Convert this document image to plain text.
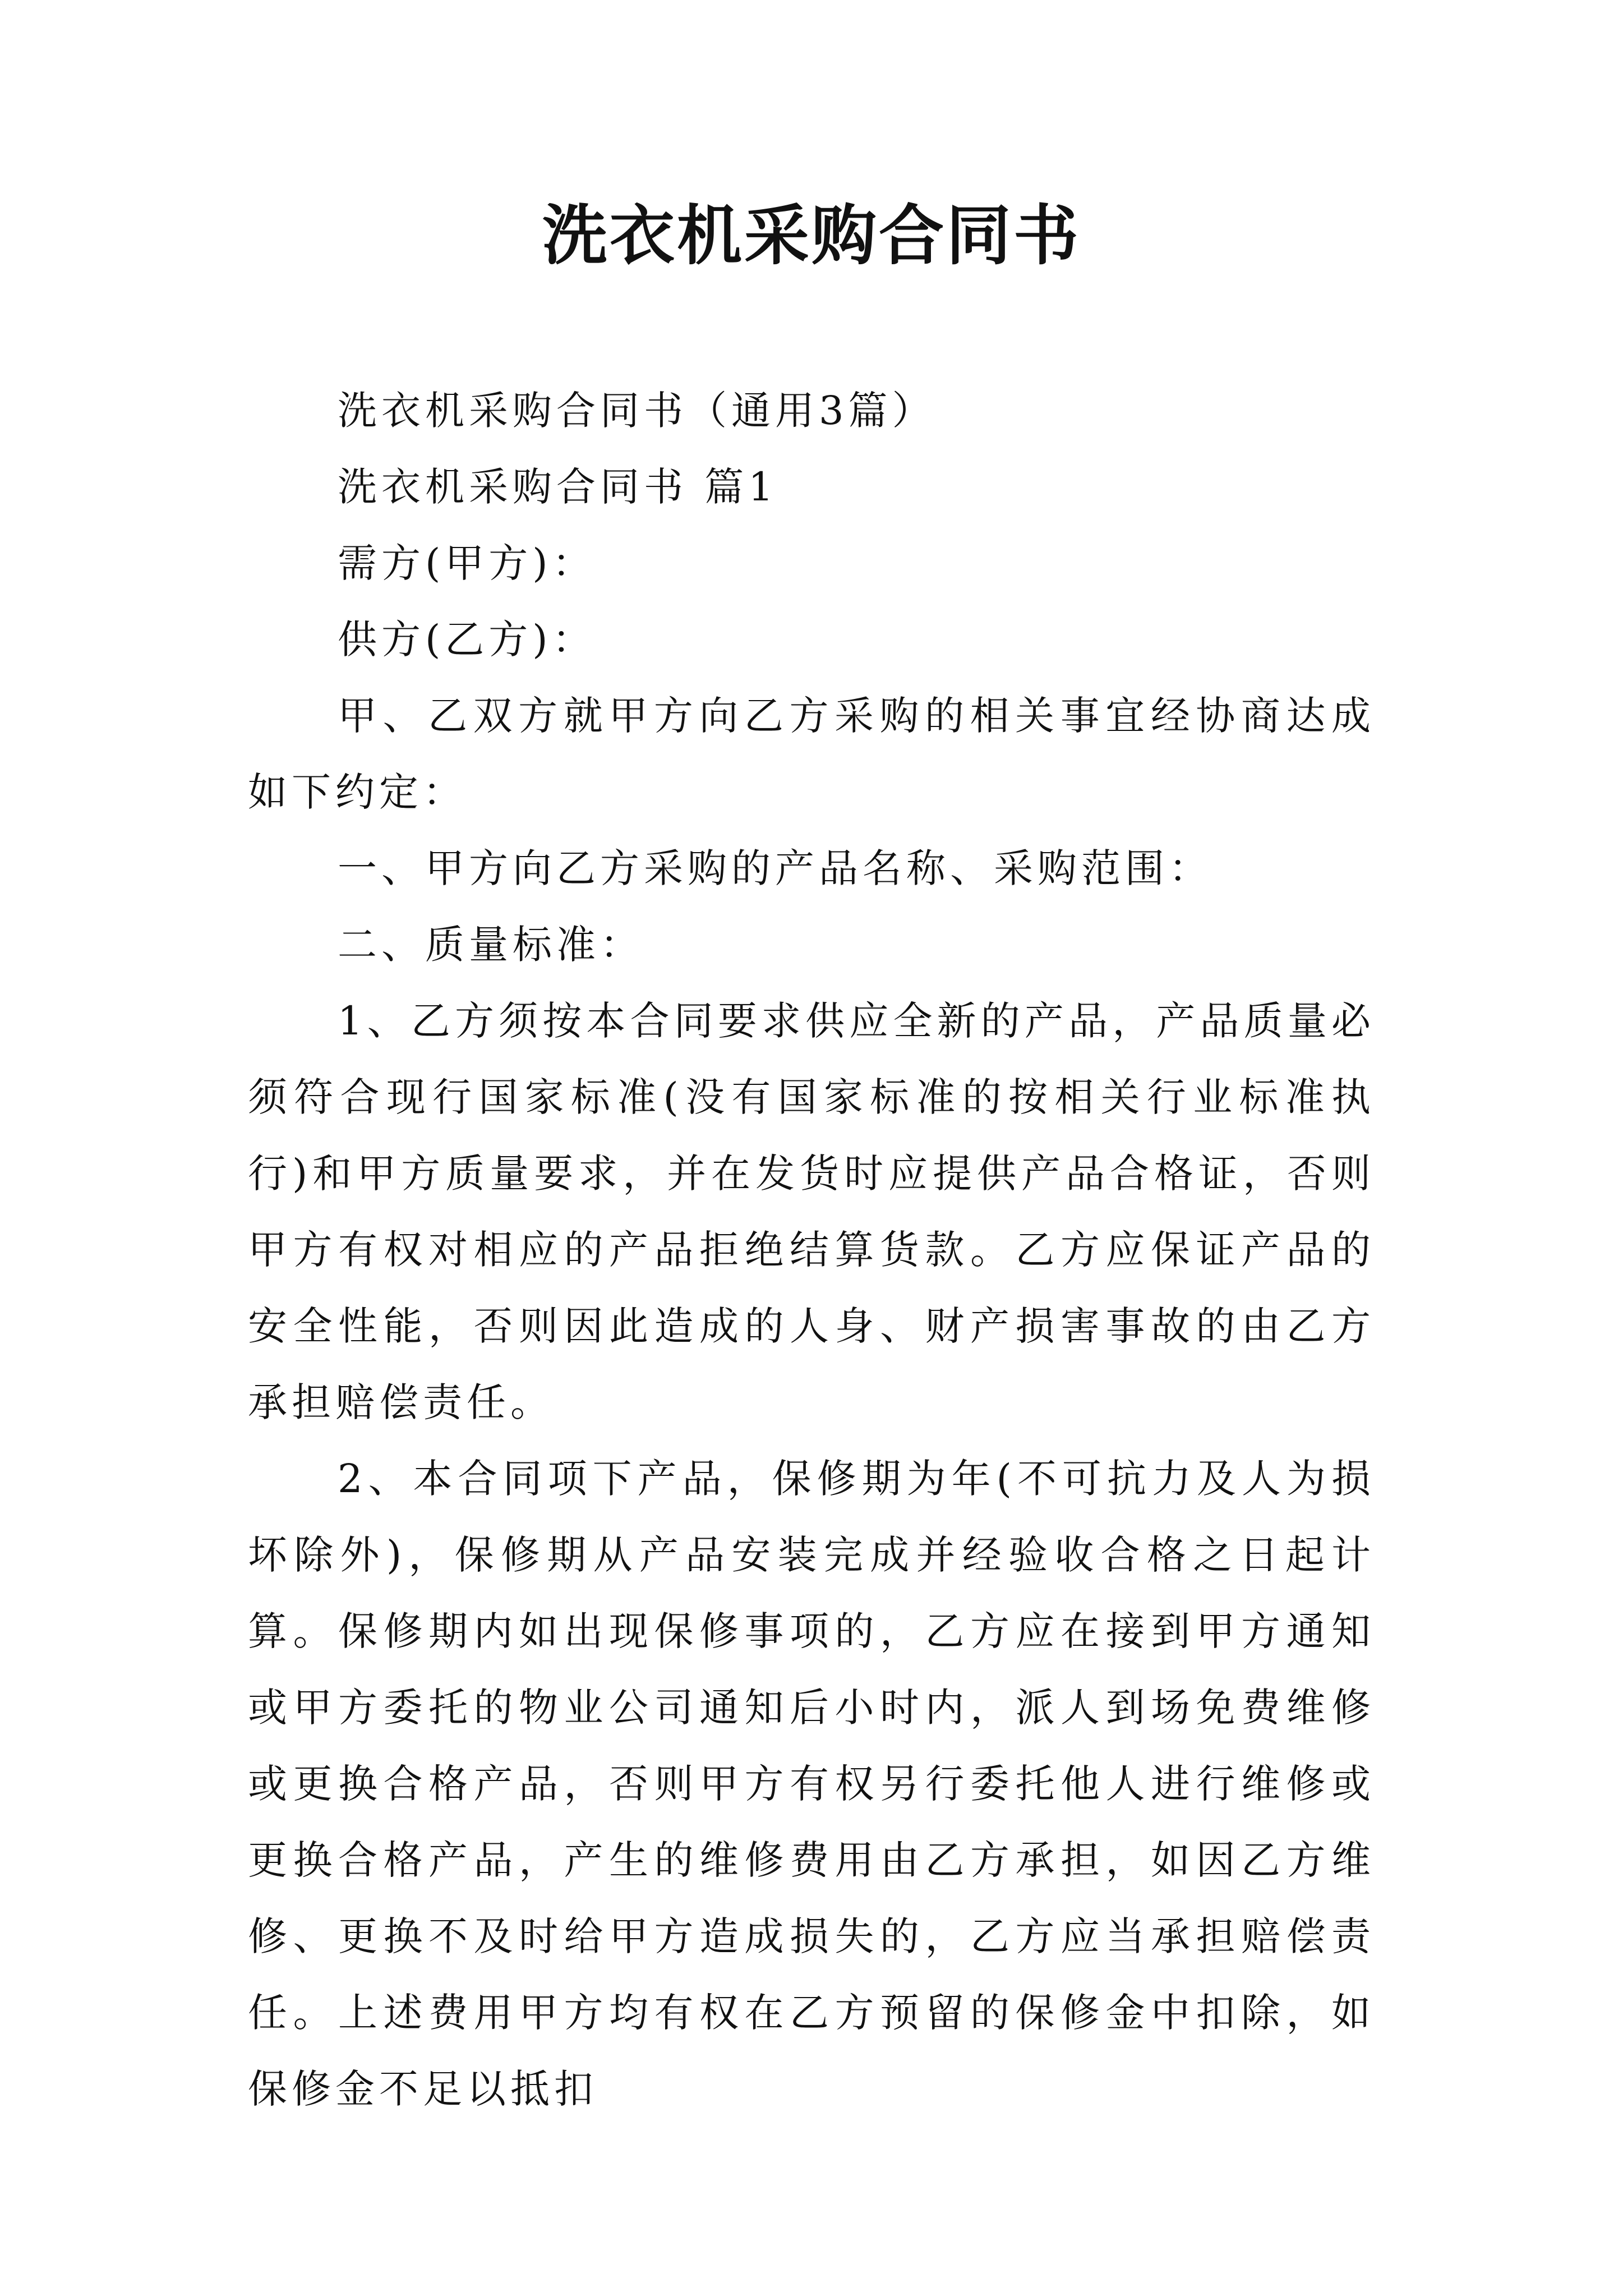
洗衣机采购合同书

洗衣机采购合同书（通用3篇）

洗衣机采购合同书 篇1

需方(甲方)：

供方(乙方)：

甲、乙双方就甲方向乙方采购的相关事宜经协商达成如下约定：

一、甲方向乙方采购的产品名称、采购范围：

二、质量标准：

1、乙方须按本合同要求供应全新的产品，产品质量必须符合现行国家标准(没有国家标准的按相关行业标准执行)和甲方质量要求，并在发货时应提供产品合格证，否则甲方有权对相应的产品拒绝结算货款。乙方应保证产品的安全性能，否则因此造成的人身、财产损害事故的由乙方承担赔偿责任。

2、本合同项下产品，保修期为年(不可抗力及人为损坏除外)，保修期从产品安装完成并经验收合格之日起计算。保修期内如出现保修事项的，乙方应在接到甲方通知或甲方委托的物业公司通知后小时内，派人到场免费维修或更换合格产品，否则甲方有权另行委托他人进行维修或更换合格产品，产生的维修费用由乙方承担，如因乙方维修、更换不及时给甲方造成损失的，乙方应当承担赔偿责任。上述费用甲方均有权在乙方预留的保修金中扣除，如保修金不足以抵扣
